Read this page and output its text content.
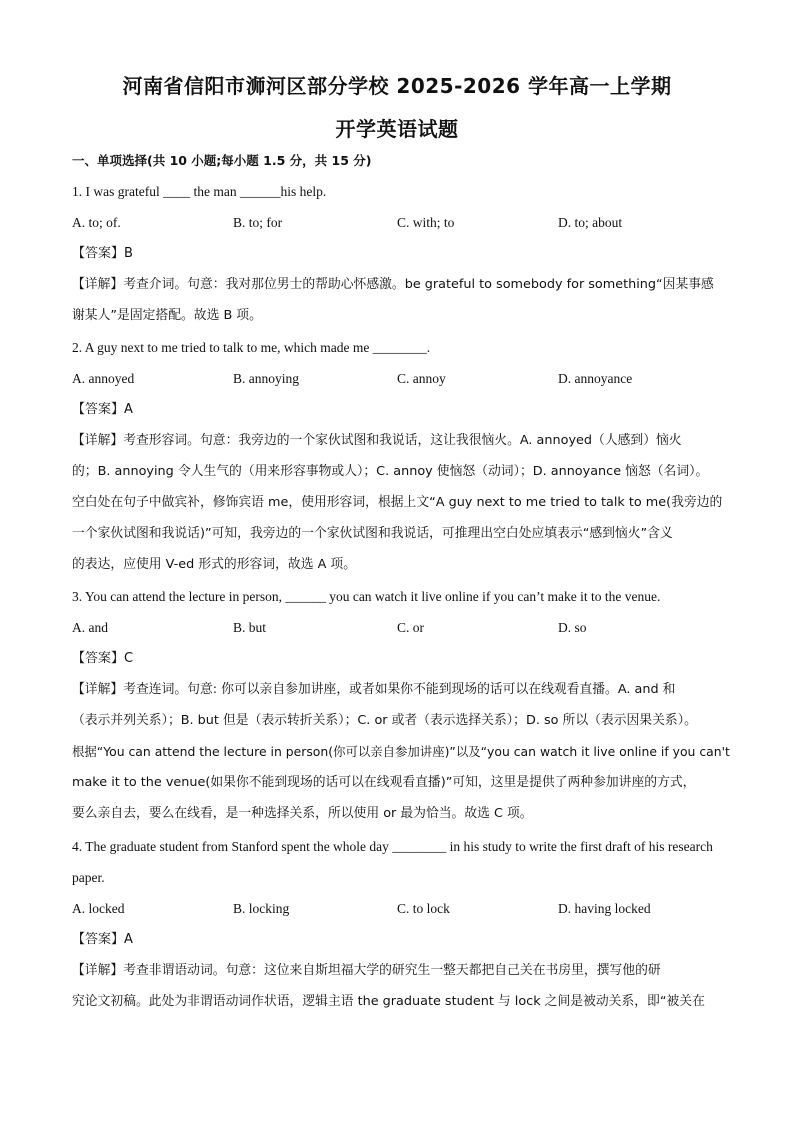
河南省信阳市浉河区部分学校 2025-2026 学年高一上学期
开学英语试题
一、单项选择(共 10 小题;每小题 1.5 分，共 15 分)
1. I was grateful ____ the man ______his help.
A. to; of.	B. to; for	C. with; to	D. to; about
【答案】B
【详解】考查介词。句意：我对那位男士的帮助心怀感激。be grateful to somebody for something“因某事感
谢某人”是固定搭配。故选 B 项。
2. A guy next to me tried to talk to me, which made me ________.
A. annoyed	B. annoying	C. annoy	D. annoyance
【答案】A
【详解】考查形容词。句意：我旁边的一个家伙试图和我说话，这让我很恼火。A. annoyed（人感到）恼火
的；B. annoying 令人生气的（用来形容事物或人）；C. annoy 使恼怒（动词）；D. annoyance 恼怒（名词）。
空白处在句子中做宾补，修饰宾语 me，使用形容词，根据上文“A guy next to me tried to talk to me(我旁边的
一个家伙试图和我说话)”可知，我旁边的一个家伙试图和我说话，可推理出空白处应填表示“感到恼火”含义
的表达，应使用 V-ed 形式的形容词，故选 A 项。
3. You can attend the lecture in person, ______ you can watch it live online if you can’t make it to the venue.
A. and	B. but	C. or	D. so
【答案】C
【详解】考查连词。句意: 你可以亲自参加讲座，或者如果你不能到现场的话可以在线观看直播。A. and 和
（表示并列关系）；B. but 但是（表示转折关系）；C. or 或者（表示选择关系）；D. so 所以（表示因果关系）。
根据“You can attend the lecture in person(你可以亲自参加讲座)”以及“you can watch it live online if you can't
make it to the venue(如果你不能到现场的话可以在线观看直播)”可知，这里是提供了两种参加讲座的方式，
要么亲自去，要么在线看，是一种选择关系，所以使用 or 最为恰当。故选 C 项。
4. The graduate student from Stanford spent the whole day ________ in his study to write the first draft of his research
paper.
A. locked	B. locking	C. to lock	D. having locked
【答案】A
【详解】考查非谓语动词。句意：这位来自斯坦福大学的研究生一整天都把自己关在书房里，撰写他的研
究论文初稿。此处为非谓语动词作状语，逻辑主语 the graduate student 与 lock 之间是被动关系，即“被关在
